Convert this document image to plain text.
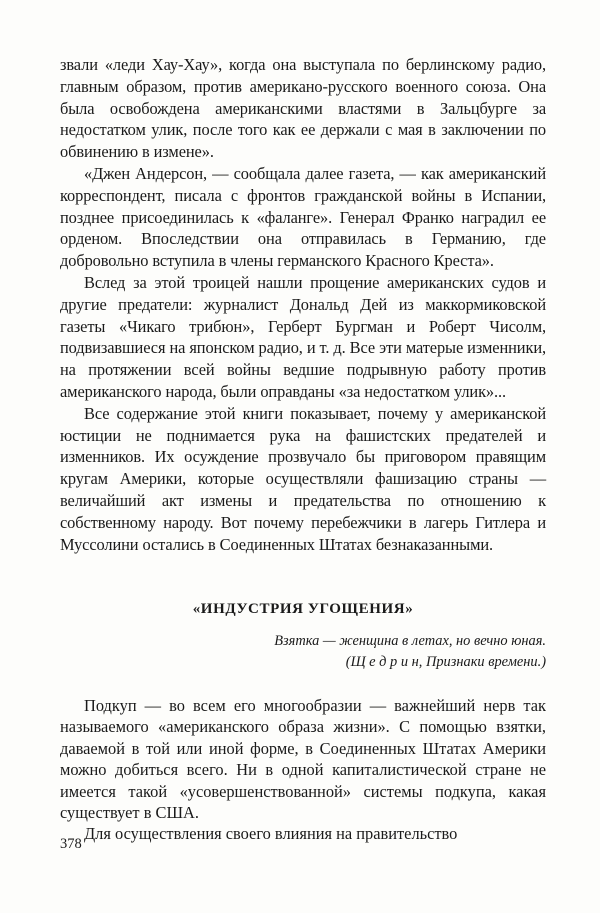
звали «леди Хау-Хау», когда она выступала по берлинскому радио, главным образом, против американо-русского военного союза. Она была освобождена американскими властями в Зальцбурге за недостатком улик, после того как ее держали с мая в заключении по обвинению в измене».

«Джен Андерсон, — сообщала далее газета, — как американский корреспондент, писала с фронтов гражданской войны в Испании, позднее присоединилась к «фаланге». Генерал Франко наградил ее орденом. Впоследствии она отправилась в Германию, где добровольно вступила в члены германского Красного Креста».

Вслед за этой троицей нашли прощение американских судов и другие предатели: журналист Дональд Дей из маккормиковской газеты «Чикаго трибюн», Герберт Бургман и Роберт Чисолм, подвизавшиеся на японском радио, и т. д. Все эти матерые изменники, на протяжении всей войны ведшие подрывную работу против американского народа, были оправданы «за недостатком улик»...

Все содержание этой книги показывает, почему у американской юстиции не поднимается рука на фашистских предателей и изменников. Их осуждение прозвучало бы приговором правящим кругам Америки, которые осуществляли фашизацию страны — величайший акт измены и предательства по отношению к собственному народу. Вот почему перебежчики в лагерь Гитлера и Муссолини остались в Соединенных Штатах безнаказанными.

«ИНДУСТРИЯ УГОЩЕНИЯ»
Взятка — женщина в летах, но вечно юная.
(Щ е д р и н, Признаки времени.)

Подкуп — во всем его многообразии — важнейший нерв так называемого «американского образа жизни». С помощью взятки, даваемой в той или иной форме, в Соединенных Штатах Америки можно добиться всего. Ни в одной капиталистической стране не имеется такой «усовершенствованной» системы подкупа, какая существует в США.

Для осуществления своего влияния на правительство

378
